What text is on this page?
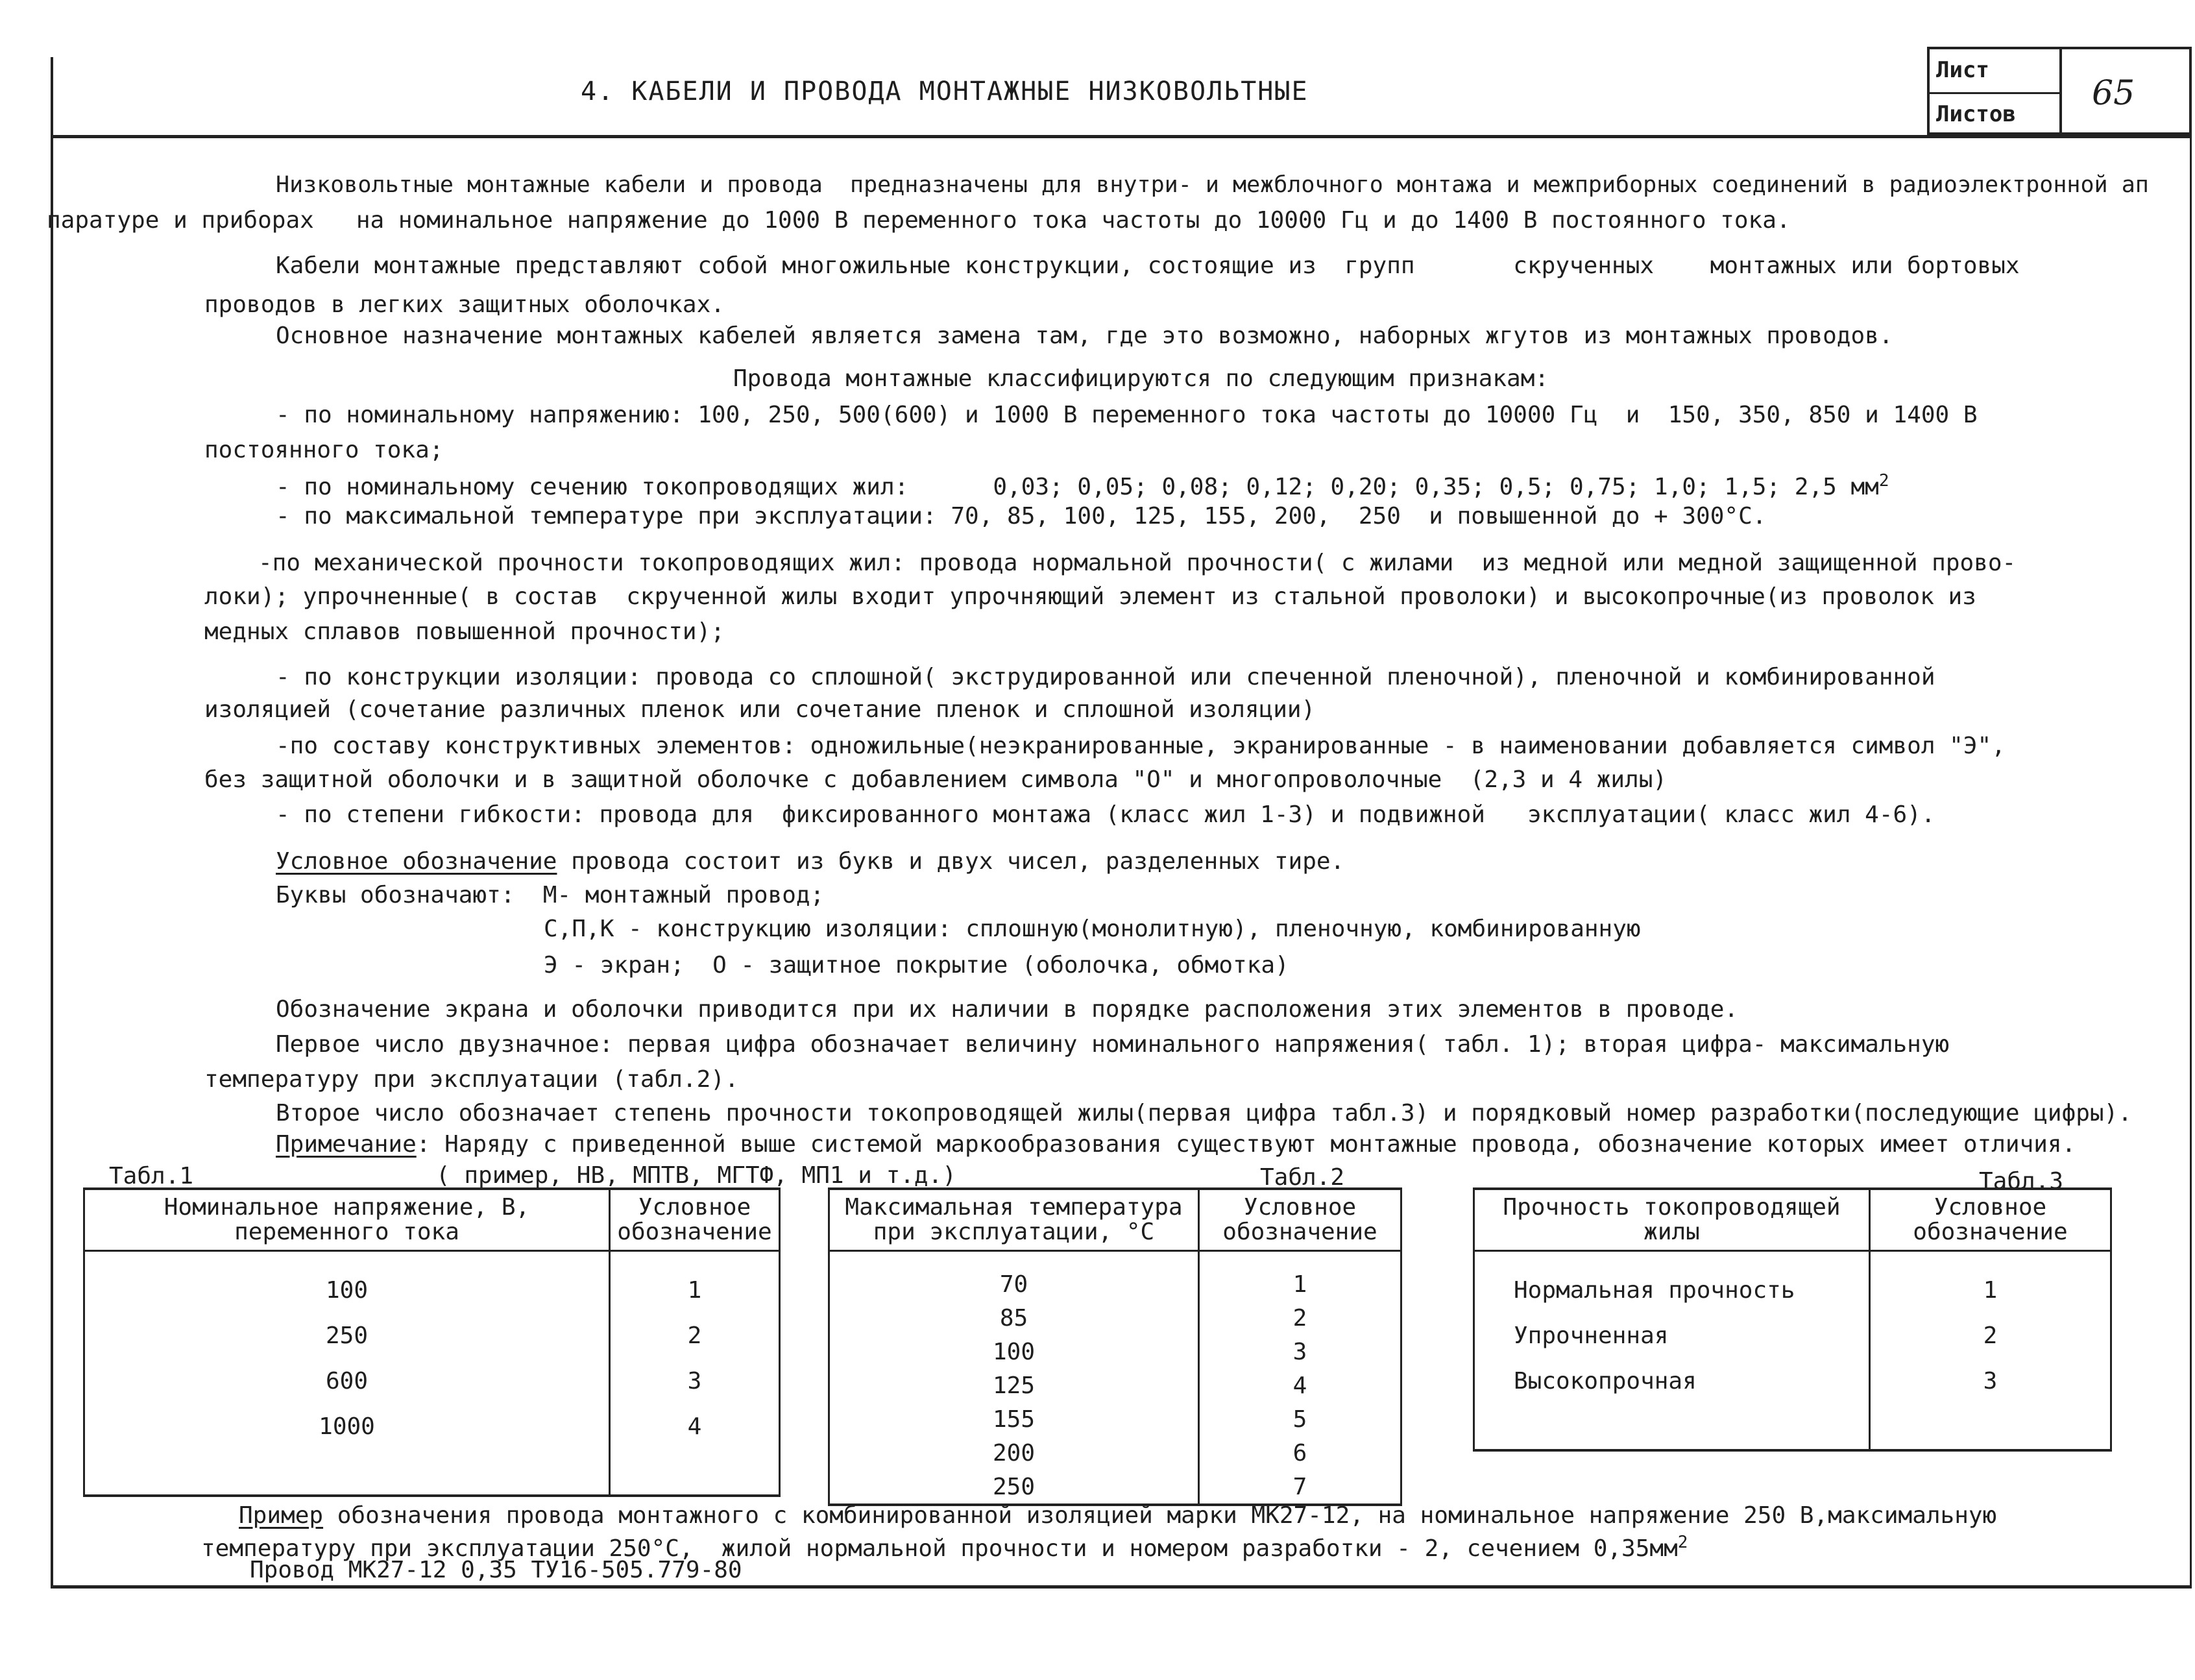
4. КАБЕЛИ И ПРОВОДА МОНТАЖНЫЕ НИЗКОВОЛЬТНЫЕ
Лист
Листов
65
Низковольтные монтажные кабели и провода  предназначены для внутри- и межблочного монтажа и межприборных соединений в радиоэлектронной ап
паратуре и приборах   на номинальное напряжение до 1000 В переменного тока частоты до 10000 Гц и до 1400 В постоянного тока.
Кабели монтажные представляют собой многожильные конструкции, состоящие из  групп       скрученных    монтажных или бортовых
проводов в легких защитных оболочках.
Основное назначение монтажных кабелей является замена там, где это возможно, наборных жгутов из монтажных проводов.
Провода монтажные классифицируются по следующим признакам:
- по номинальному напряжению: 100, 250, 500(600) и 1000 В переменного тока частоты до 10000 Гц  и  150, 350, 850 и 1400 В
постоянного тока;
- по номинальному сечению токопроводящих жил:      0,03; 0,05; 0,08; 0,12; 0,20; 0,35; 0,5; 0,75; 1,0; 1,5; 2,5 $мм^2$
- по максимальной температуре при эксплуатации: 70, 85, 100, 125, 155, 200,  250  и повышенной до + 300°С.
-по механической прочности токопроводящих жил: провода нормальной прочности( с жилами  из медной или медной защищенной прово-
локи); упрочненные( в состав  скрученной жилы входит упрочняющий элемент из стальной проволоки) и высокопрочные(из проволок из
медных сплавов повышенной прочности);
- по конструкции изоляции: провода со сплошной( экструдированной или спеченной пленочной), пленочной и комбинированной
изоляцией (сочетание различных пленок или сочетание пленок и сплошной изоляции)
-по составу конструктивных элементов: одножильные(неэкранированные, экранированные - в наименовании добавляется символ "Э",
без защитной оболочки и в защитной оболочке с добавлением символа "О" и многопроволочные  (2,3 и 4 жилы)
- по степени гибкости: провода для  фиксированного монтажа (класс жил 1-3) и подвижной   эксплуатации( класс жил 4-6).
Условное обозначение провода состоит из букв и двух чисел, разделенных тире.
Буквы обозначают:  М- монтажный провод;
С,П,К - конструкцию изоляции: сплошную(монолитную), пленочную, комбинированную
Э - экран;  О - защитное покрытие (оболочка, обмотка)
Обозначение экрана и оболочки приводится при их наличии в порядке расположения этих элементов в проводе.
Первое число двузначное: первая цифра обозначает величину номинального напряжения( табл. 1); вторая цифра- максимальную
температуру при эксплуатации (табл.2).
Второе число обозначает степень прочности токопроводящей жилы(первая цифра табл.3) и порядковый номер разработки(последующие цифры).
Примечание: Наряду с приведенной выше системой маркообразования существуют монтажные провода, обозначение которых имеет отличия.
( пример, НВ, МПТВ, МГТФ, МП1 и т.д.)
Табл.1	Табл.2	Табл.3
Номинальное напряжение, В,
переменного тока	Условное
обозначение
100	1
250	2
600	3
1000	4

Максимальная температура
при эксплуатации, °С	Условное
обозначение
70	1
85	2
100	3
125	4
155	5
200	6
250	7
Прочность токопроводящей
жилы	Условное
обозначение
Нормальная прочность	1
Упрочненная	2
Высокопрочная	3

Пример обозначения провода монтажного с комбинированной изоляцией марки МК27-12, на номинальное напряжение 250 В,максимальную
температуру при эксплуатации 250°С,  жилой нормальной прочности и номером разработки - 2, сечением $0,35мм^2$
Провод МК27-12 0,35 ТУ16-505.779-80
